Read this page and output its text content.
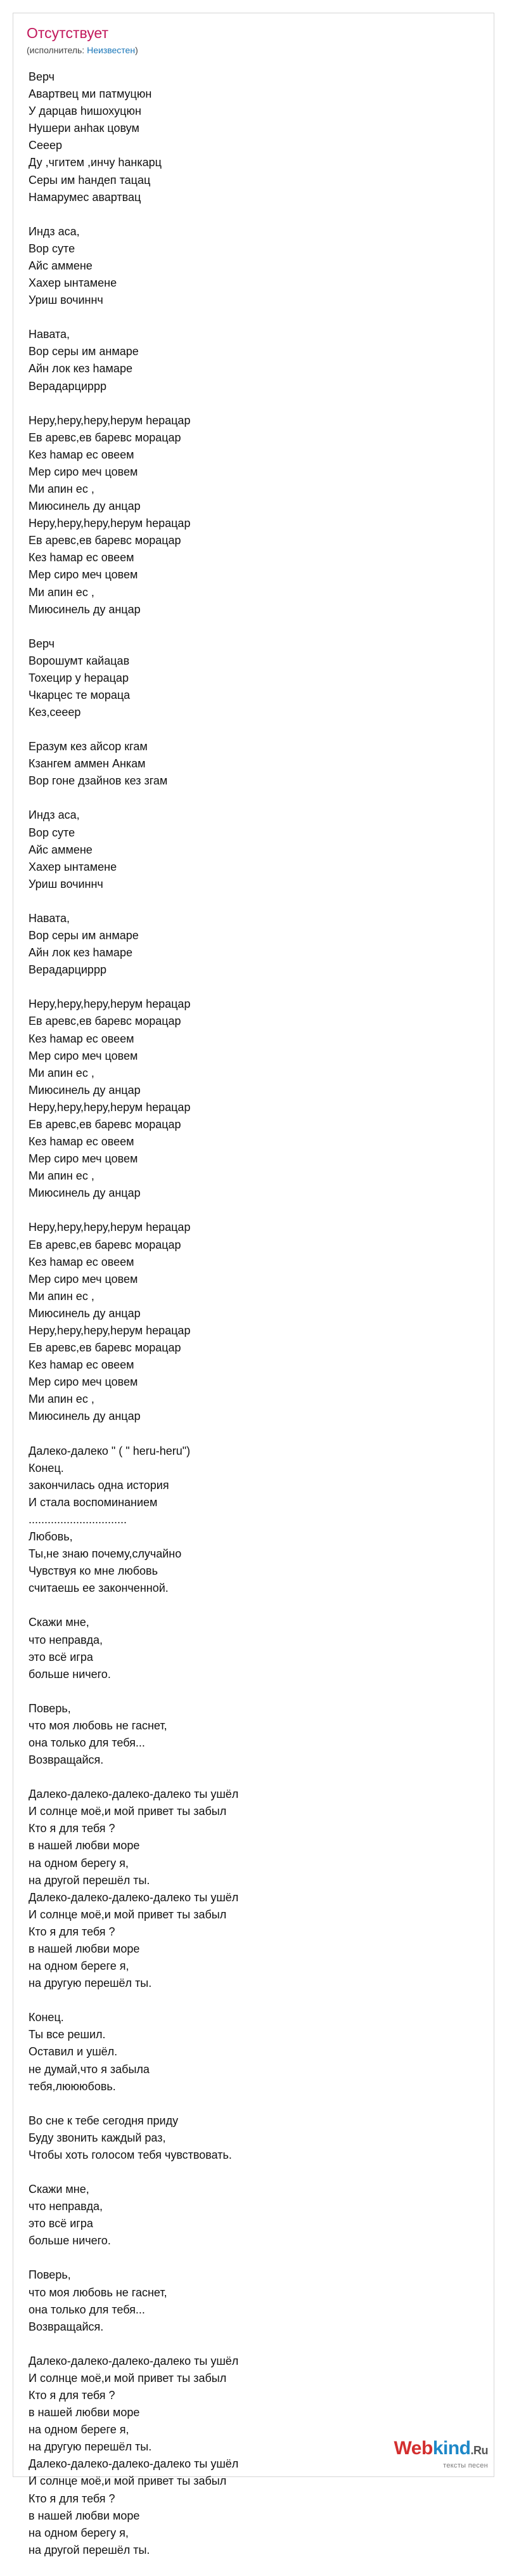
Отсутствует
(исполнитель: Неизвестен)
Верч
Авартвец ми патмуцюн
У дарцав hишохуцюн
Нушери анhак цовум
Сееер
Ду ,чгитем ,инчу hанкарц
Серы им hандеп тацац
Намарумес авартвац
Индз аса,
Вор суте
Айс аммене
Хахер ынтамене
Уриш вочиннч
Навата,
Вор серы им анмаре
Айн лок кез hамаре
Верадарциррр
Hеру,hеру,hеру,hерум hерацар
Ев аревс,ев баревс морацар
Кез hамар ес овеем
Мер сиро меч цовем
Ми апин ес ,
Миюсинель ду анцар
Hеру,hеру,hеру,hерум hерацар
Ев аревс,ев баревс морацар
Кез hамар ес овеем
Мер сиро меч цовем
Ми апин ес ,
Миюсинель ду анцар
Верч
Ворошумт кайацав
Тохецир у hерацар
Чкарцес те мораца
Кез,сееер
Еразум кез айсор кгам
Кзангем аммен Анкам
Вор гоне дзайнов кез згам
Индз аса,
Вор суте
Айс аммене
Хахер ынтамене
Уриш вочиннч
Навата,
Вор серы им анмаре
Айн лок кез hамаре
Верадарциррр
Hеру,hеру,hеру,hерум hерацар
Ев аревс,ев баревс морацар
Кез hамар ес овеем
Мер сиро меч цовем
Ми апин ес ,
Миюсинель ду анцар
Hеру,hеру,hеру,hерум hерацар
Ев аревс,ев баревс морацар
Кез hамар ес овеем
Мер сиро меч цовем
Ми апин ес ,
Миюсинель ду анцар
Hеру,hеру,hеру,hерум hерацар
Ев аревс,ев баревс морацар
Кез hамар ес овеем
Мер сиро меч цовем
Ми апин ес ,
Миюсинель ду анцар
Hеру,hеру,hеру,hерум hерацар
Ев аревс,ев баревс морацар
Кез hамар ес овеем
Мер сиро меч цовем
Ми апин ес ,
Миюсинель ду анцар
Далеко-далеко " ( " heru-heru")
Конец.
закончилась одна история
И стала воспоминанием
...............................
Любовь,
Ты,не знаю почему,случайно
Чувствуя ко мне любовь
считаешь ее законченной.
Скажи мне,
что неправда,
это всё игра
больше ничего.
Поверь,
что моя любовь не гаснет,
она только для тебя...
Возвращайся.
Далеко-далеко-далеко-далеко ты ушёл
И солнце моё,и мой привет ты забыл
Кто я для тебя ?
в нашей любви море
на одном берегу я,
на другой перешёл ты.
Далеко-далеко-далеко-далеко ты ушёл
И солнце моё,и мой привет ты забыл
Кто я для тебя ?
в нашей любви море
на одном береге я,
на другую перешёл ты.
Конец.
Ты все решил.
Оставил и ушёл.
не думай,что я забыла
тебя,люююбовь.
Во сне к тебе сегодня приду
Буду звонить каждый раз,
Чтобы хоть голосом тебя чувствовать.
Скажи мне,
что неправда,
это всё игра
больше ничего.
Поверь,
что моя любовь не гаснет,
она только для тебя...
Возвращайся.
Далеко-далеко-далеко-далеко ты ушёл
И солнце моё,и мой привет ты забыл
Кто я для тебя ?
в нашей любви море
на одном береге я,
на другую перешёл ты.
Далеко-далеко-далеко-далеко ты ушёл
И солнце моё,и мой привет ты забыл
Кто я для тебя ?
в нашей любви море
на одном берегу я,
на другой перешёл ты.
Webkind.Ru
тексты песен
